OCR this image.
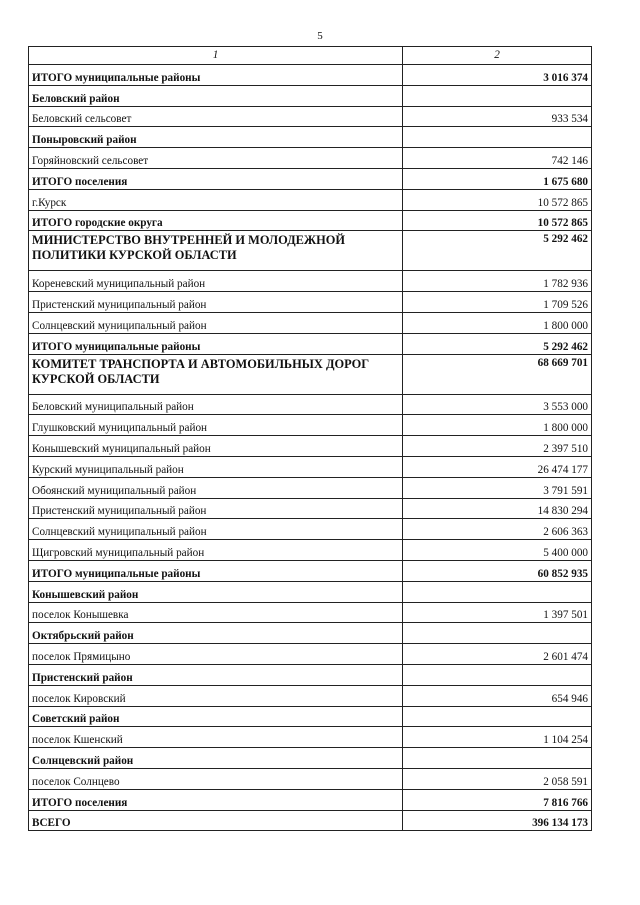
5
1	2
ИТОГО муниципальные районы	3 016 374
Беловский район	
Беловский сельсовет	933 534
Поныровский район	
Горяйновский сельсовет	742 146
ИТОГО поселения	1 675 680
г.Курск	10 572 865
ИТОГО городские округа	10 572 865
МИНИСТЕРСТВО ВНУТРЕННЕЙ И МОЛОДЕЖНОЙ ПОЛИТИКИ КУРСКОЙ ОБЛАСТИ	5 292 462
Кореневский муниципальный район	1 782 936
Пристенский муниципальный район	1 709 526
Солнцевский муниципальный район	1 800 000
ИТОГО муниципальные районы	5 292 462
КОМИТЕТ ТРАНСПОРТА И АВТОМОБИЛЬНЫХ ДОРОГ КУРСКОЙ ОБЛАСТИ	68 669 701
Беловский муниципальный район	3 553 000
Глушковский муниципальный район	1 800 000
Конышевский муниципальный район	2 397 510
Курский муниципальный район	26 474 177
Обоянский муниципальный район	3 791 591
Пристенский муниципальный район	14 830 294
Солнцевский муниципальный район	2 606 363
Щигровский муниципальный район	5 400 000
ИТОГО муниципальные районы	60 852 935
Конышевский район	
поселок Конышевка	1 397 501
Октябрьский район	
поселок Прямицыно	2 601 474
Пристенский район	
поселок Кировский	654 946
Советский район	
поселок Кшенский	1 104 254
Солнцевский район	
поселок Солнцево	2 058 591
ИТОГО поселения	7 816 766
ВСЕГО	396 134 173
